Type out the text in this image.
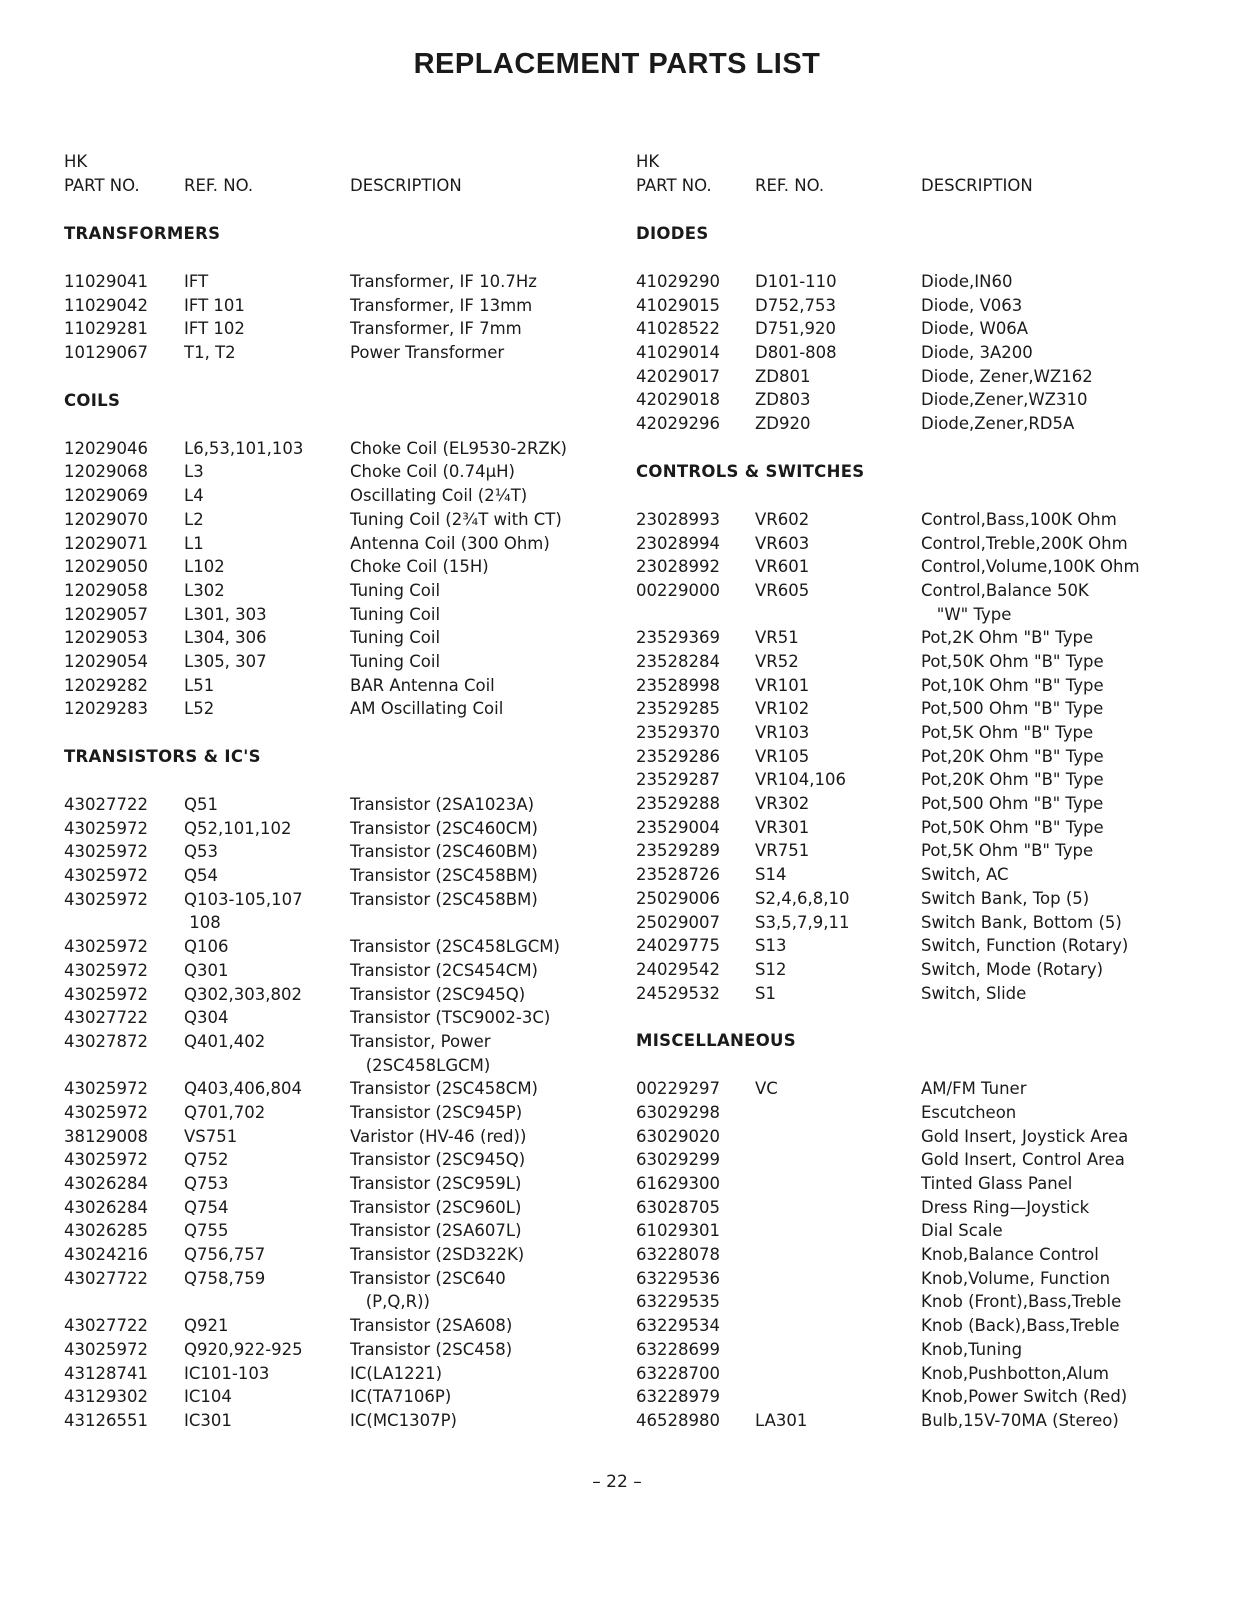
REPLACEMENT PARTS LIST
HK
PART NO.	REF. NO.	DESCRIPTION
TRANSFORMERS
11029041 IFT	Transformer, IF 10.7Hz
11029042 IFT 101	Transformer, IF 13mm
11029281 IFT 102	Transformer, IF 7mm
10129067 T1, T2	Power Transformer
COILS
12029046 L6,53,101,103	Choke Coil (EL9530-2RZK)
12029068 L3	Choke Coil (0.74μH)
12029069 L4	Oscillating Coil (2¼T)
12029070 L2	Tuning Coil (2¾T with CT)
12029071 L1	Antenna Coil (300 Ohm)
12029050 L102	Choke Coil (15H)
12029058 L302	Tuning Coil
12029057 L301, 303	Tuning Coil
12029053 L304, 306	Tuning Coil
12029054 L305, 307	Tuning Coil
12029282 L51	BAR Antenna Coil
12029283 L52	AM Oscillating Coil
TRANSISTORS & IC'S
43027722 Q51	Transistor (2SA1023A)
43025972 Q52,101,102	Transistor (2SC460CM)
43025972 Q53	Transistor (2SC460BM)
43025972 Q54	Transistor (2SC458BM)
43025972 Q103-105,107	Transistor (2SC458BM)
108
43025972 Q106	Transistor (2SC458LGCM)
43025972 Q301	Transistor (2CS454CM)
43025972 Q302,303,802	Transistor (2SC945Q)
43027722 Q304	Transistor (TSC9002-3C)
43027872 Q401,402	Transistor, Power
(2SC458LGCM)
43025972 Q403,406,804	Transistor (2SC458CM)
43025972 Q701,702	Transistor (2SC945P)
38129008 VS751	Varistor (HV-46 (red))
43025972 Q752	Transistor (2SC945Q)
43026284 Q753	Transistor (2SC959L)
43026284 Q754	Transistor (2SC960L)
43026285 Q755	Transistor (2SA607L)
43024216 Q756,757	Transistor (2SD322K)
43027722 Q758,759	Transistor (2SC640
(P,Q,R))
43027722 Q921	Transistor (2SA608)
43025972 Q920,922-925	Transistor (2SC458)
43128741 IC101-103	IC(LA1221)
43129302 IC104	IC(TA7106P)
43126551 IC301	IC(MC1307P)
HK
PART NO.	REF. NO.	DESCRIPTION
DIODES
41029290 D101-110	Diode,IN60
41029015 D752,753	Diode, V063
41028522 D751,920	Diode, W06A
41029014 D801-808	Diode, 3A200
42029017 ZD801	Diode, Zener,WZ162
42029018 ZD803	Diode,Zener,WZ310
42029296 ZD920	Diode,Zener,RD5A
CONTROLS & SWITCHES
23028993 VR602	Control,Bass,100K Ohm
23028994 VR603	Control,Treble,200K Ohm
23028992 VR601	Control,Volume,100K Ohm
00229000 VR605	Control,Balance 50K
"W" Type
23529369 VR51	Pot,2K Ohm "B" Type
23528284 VR52	Pot,50K Ohm "B" Type
23528998 VR101	Pot,10K Ohm "B" Type
23529285 VR102	Pot,500 Ohm "B" Type
23529370 VR103	Pot,5K Ohm "B" Type
23529286 VR105	Pot,20K Ohm "B" Type
23529287 VR104,106	Pot,20K Ohm "B" Type
23529288 VR302	Pot,500 Ohm "B" Type
23529004 VR301	Pot,50K Ohm "B" Type
23529289 VR751	Pot,5K Ohm "B" Type
23528726 S14	Switch, AC
25029006 S2,4,6,8,10	Switch Bank, Top (5)
25029007 S3,5,7,9,11	Switch Bank, Bottom (5)
24029775 S13	Switch, Function (Rotary)
24029542 S12	Switch, Mode (Rotary)
24529532 S1	Switch, Slide
MISCELLANEOUS
00229297 VC	AM/FM Tuner
63029298	Escutcheon
63029020	Gold Insert, Joystick Area
63029299	Gold Insert, Control Area
61629300	Tinted Glass Panel
63028705	Dress Ring—Joystick
61029301	Dial Scale
63228078	Knob,Balance Control
63229536	Knob,Volume, Function
63229535	Knob (Front),Bass,Treble
63229534	Knob (Back),Bass,Treble
63228699	Knob,Tuning
63228700	Knob,Pushbotton,Alum
63228979	Knob,Power Switch (Red)
46528980 LA301	Bulb,15V-70MA (Stereo)
– 22 –
